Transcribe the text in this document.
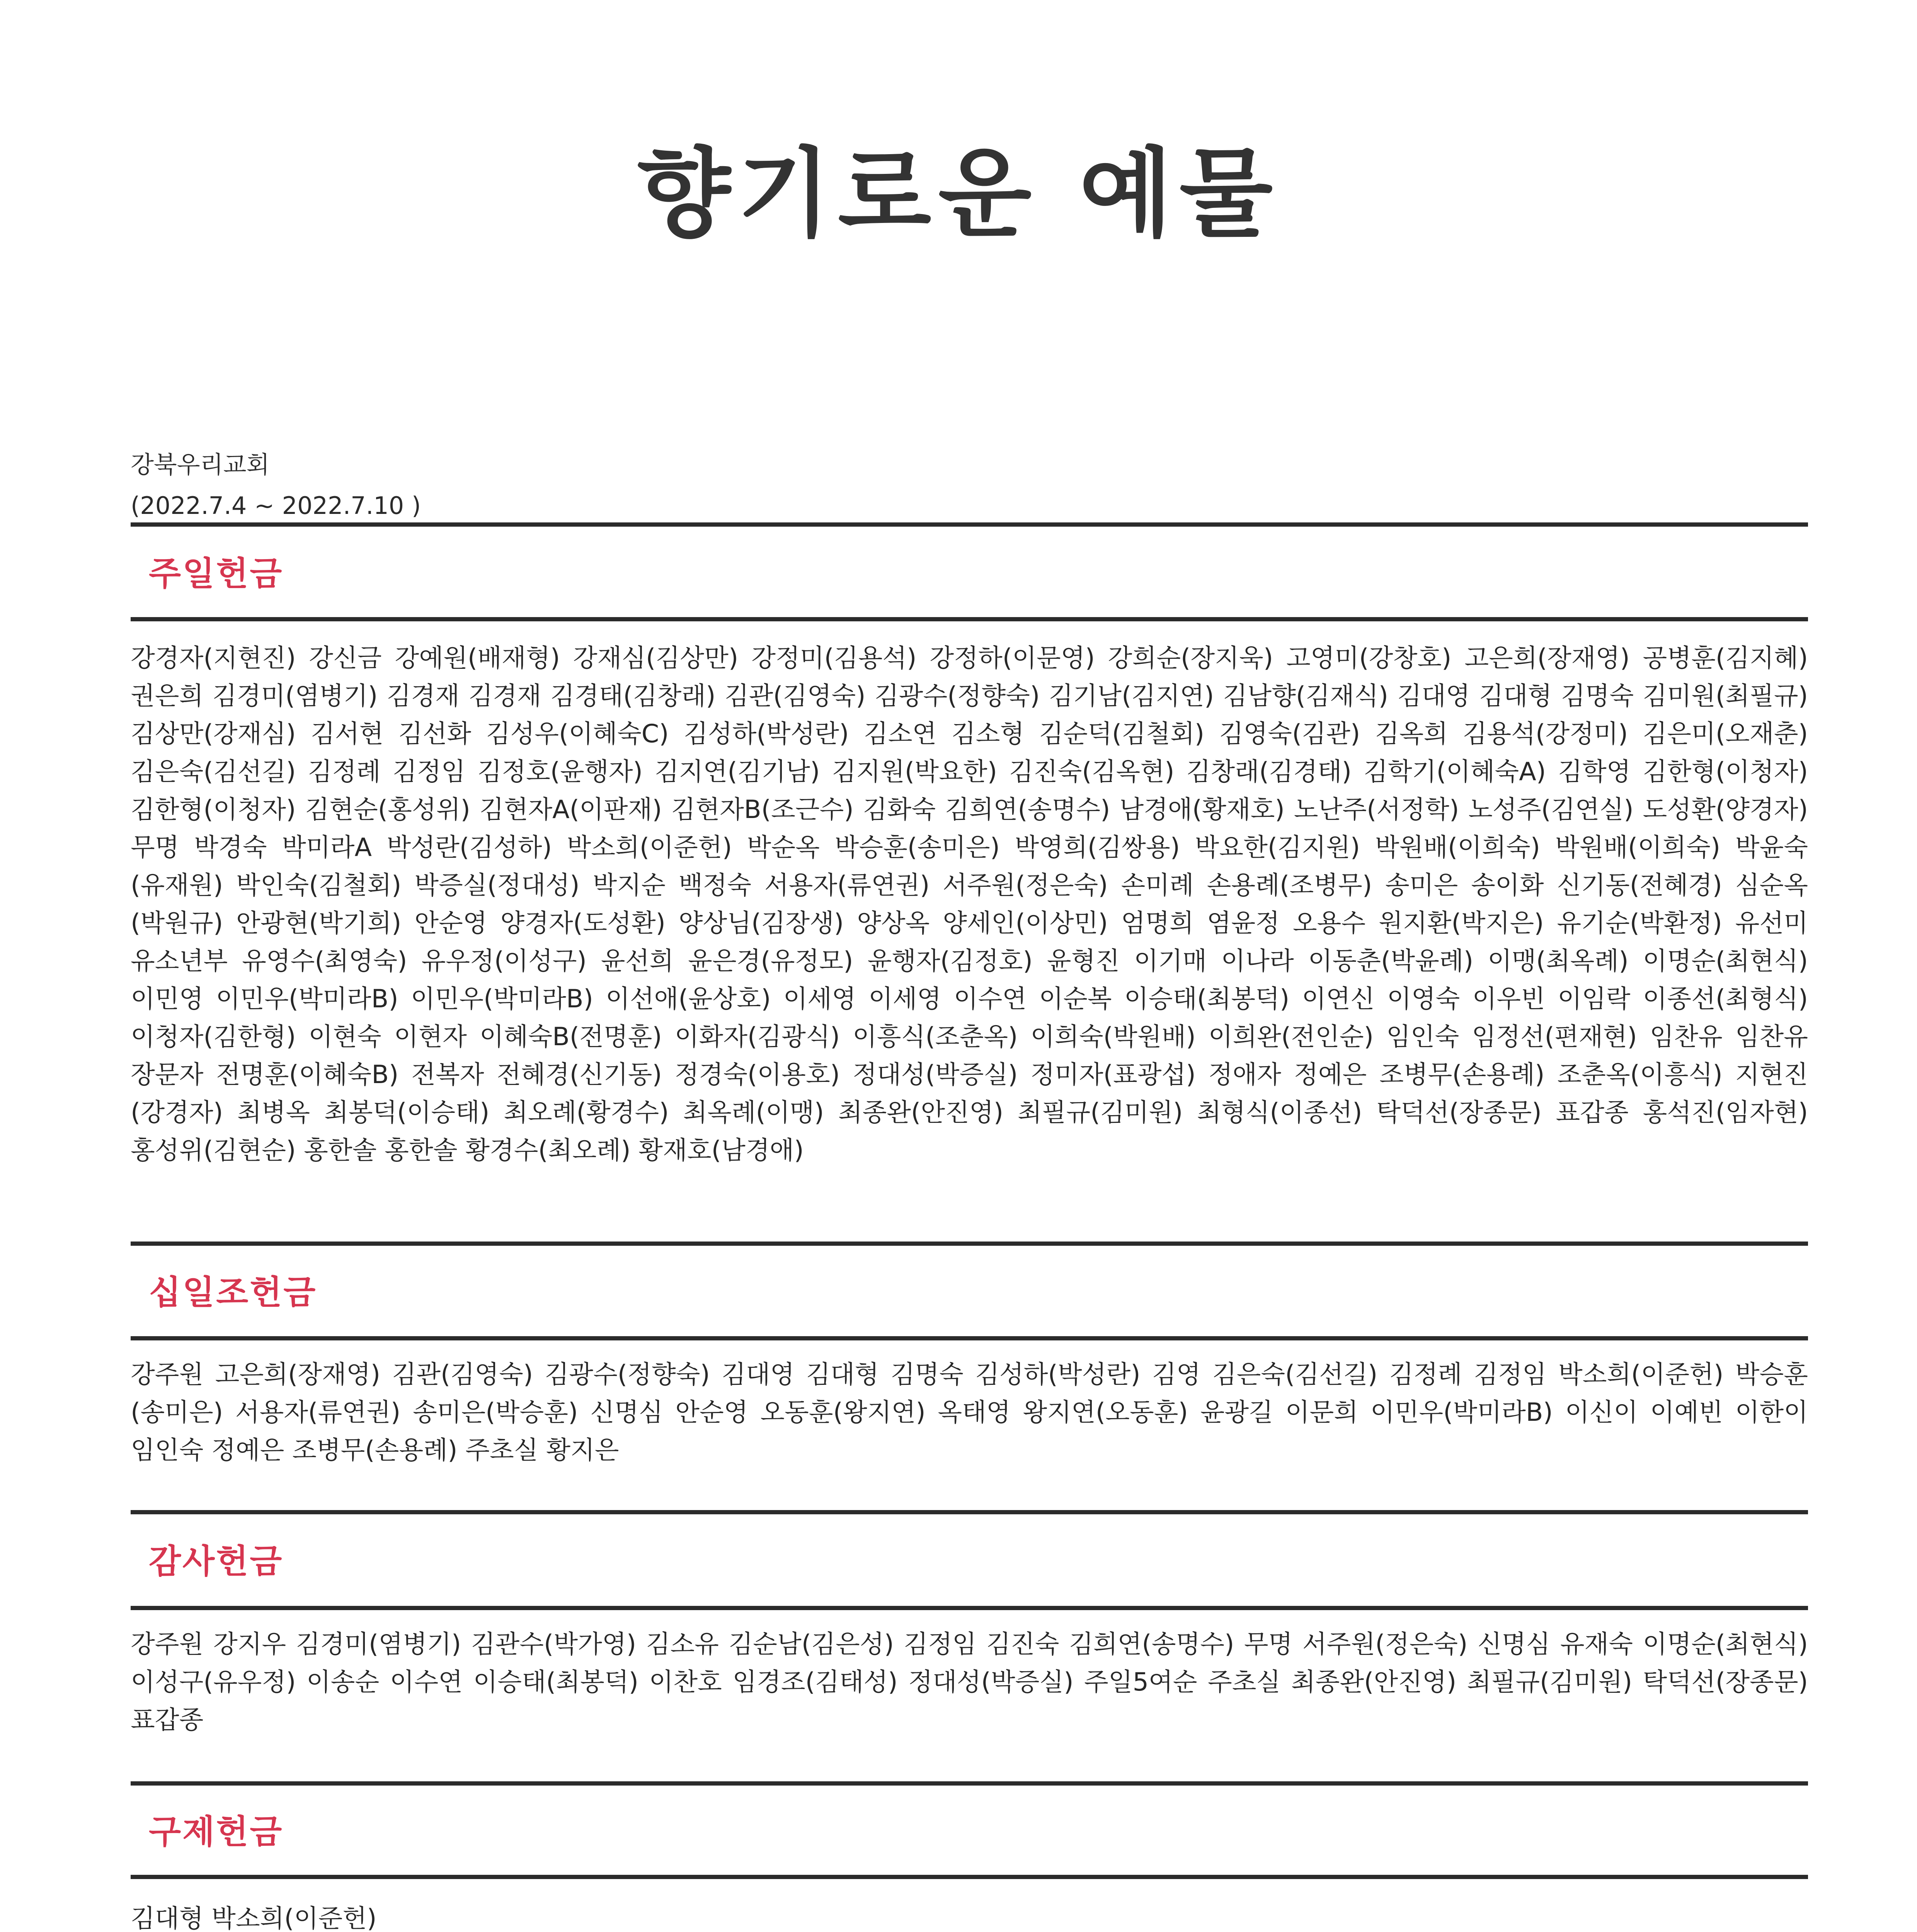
향기로운 예물
강북우리교회
(2022.7.4 ~ 2022.7.10 )
주일헌금
강경자(지현진) 강신금 강예원(배재형) 강재심(김상만) 강정미(김용석) 강정하(이문영) 강희순(장지욱) 고영미(강창호) 고은희(장재영) 공병훈(김지혜) 권은희 김경미(염병기) 김경재 김경재 김경태(김창래) 김관(김영숙) 김광수(정향숙) 김기남(김지연) 김남향(김재식) 김대영 김대형 김명숙 김미원(최필규) 김상만(강재심) 김서현 김선화 김성우(이혜숙C) 김성하(박성란) 김소연 김소형 김순덕(김철회) 김영숙(김관) 김옥희 김용석(강정미) 김은미(오재춘) 김은숙(김선길) 김정례 김정임 김정호(윤행자) 김지연(김기남) 김지원(박요한) 김진숙(김옥현) 김창래(김경태) 김학기(이혜숙A) 김학영 김한형(이청자) 김한형(이청자) 김현순(홍성위) 김현자A(이판재) 김현자B(조근수) 김화숙 김희연(송명수) 남경애(황재호) 노난주(서정학) 노성주(김연실) 도성환(양경자) 무명 박경숙 박미라A 박성란(김성하) 박소희(이준헌) 박순옥 박승훈(송미은) 박영희(김쌍용) 박요한(김지원) 박원배(이희숙) 박원배(이희숙) 박윤숙(유재원) 박인숙(김철회) 박증실(정대성) 박지순 백정숙 서용자(류연권) 서주원(정은숙) 손미례 손용례(조병무) 송미은 송이화 신기동(전혜경) 심순옥(박원규) 안광현(박기희) 안순영 양경자(도성환) 양상님(김장생) 양상옥 양세인(이상민) 엄명희 염윤정 오용수 원지환(박지은) 유기순(박환정) 유선미 유소년부 유영수(최영숙) 유우정(이성구) 윤선희 윤은경(유정모) 윤행자(김정호) 윤형진 이기매 이나라 이동춘(박윤례) 이맹(최옥례) 이명순(최현식) 이민영 이민우(박미라B) 이민우(박미라B) 이선애(윤상호) 이세영 이세영 이수연 이순복 이승태(최봉덕) 이연신 이영숙 이우빈 이임락 이종선(최형식) 이청자(김한형) 이현숙 이현자 이혜숙B(전명훈) 이화자(김광식) 이흥식(조춘옥) 이희숙(박원배) 이희완(전인순) 임인숙 임정선(편재현) 임찬유 임찬유 장문자 전명훈(이혜숙B) 전복자 전혜경(신기동) 정경숙(이용호) 정대성(박증실) 정미자(표광섭) 정애자 정예은 조병무(손용례) 조춘옥(이흥식) 지현진(강경자) 최병옥 최봉덕(이승태) 최오례(황경수) 최옥례(이맹) 최종완(안진영) 최필규(김미원) 최형식(이종선) 탁덕선(장종문) 표갑종 홍석진(임자현) 홍성위(김현순) 홍한솔 홍한솔 황경수(최오례) 황재호(남경애)
십일조헌금
강주원 고은희(장재영) 김관(김영숙) 김광수(정향숙) 김대영 김대형 김명숙 김성하(박성란) 김영 김은숙(김선길) 김정례 김정임 박소희(이준헌) 박승훈(송미은) 서용자(류연권) 송미은(박승훈) 신명심 안순영 오동훈(왕지연) 옥태영 왕지연(오동훈) 윤광길 이문희 이민우(박미라B) 이신이 이예빈 이한이 임인숙 정예은 조병무(손용례) 주초실 황지은
감사헌금
강주원 강지우 김경미(염병기) 김관수(박가영) 김소유 김순남(김은성) 김정임 김진숙 김희연(송명수) 무명 서주원(정은숙) 신명심 유재숙 이명순(최현식) 이성구(유우정) 이송순 이수연 이승태(최봉덕) 이찬호 임경조(김태성) 정대성(박증실) 주일5여순 주초실 최종완(안진영) 최필규(김미원) 탁덕선(장종문) 표갑종
구제헌금
김대형 박소희(이준헌)
